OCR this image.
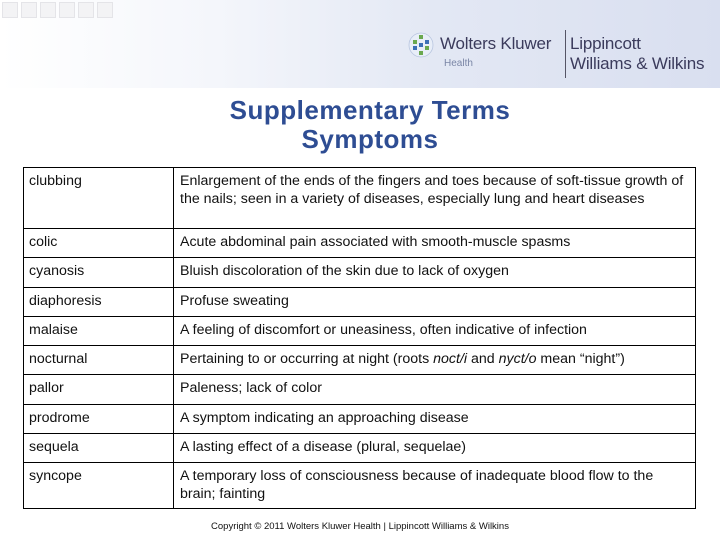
Wolters Kluwer
Health
Lippincott
Williams & Wilkins
Supplementary Terms
Symptoms
clubbing	Enlargement of the ends of the fingers and toes because of soft-tissue growth of the nails; seen in a variety of diseases, especially lung and heart diseases
colic	Acute abdominal pain associated with smooth-muscle spasms
cyanosis	Bluish discoloration of the skin due to lack of oxygen
diaphoresis	Profuse sweating
malaise	A feeling of discomfort or uneasiness, often indicative of infection
nocturnal	Pertaining to or occurring at night (roots noct/i and nyct/o mean “night”)
pallor	Paleness; lack of color
prodrome	A symptom indicating an approaching disease
sequela	A lasting effect of a disease (plural, sequelae)
syncope	A temporary loss of consciousness because of inadequate blood flow to the brain; fainting
Copyright © 2011 Wolters Kluwer Health | Lippincott Williams & Wilkins
